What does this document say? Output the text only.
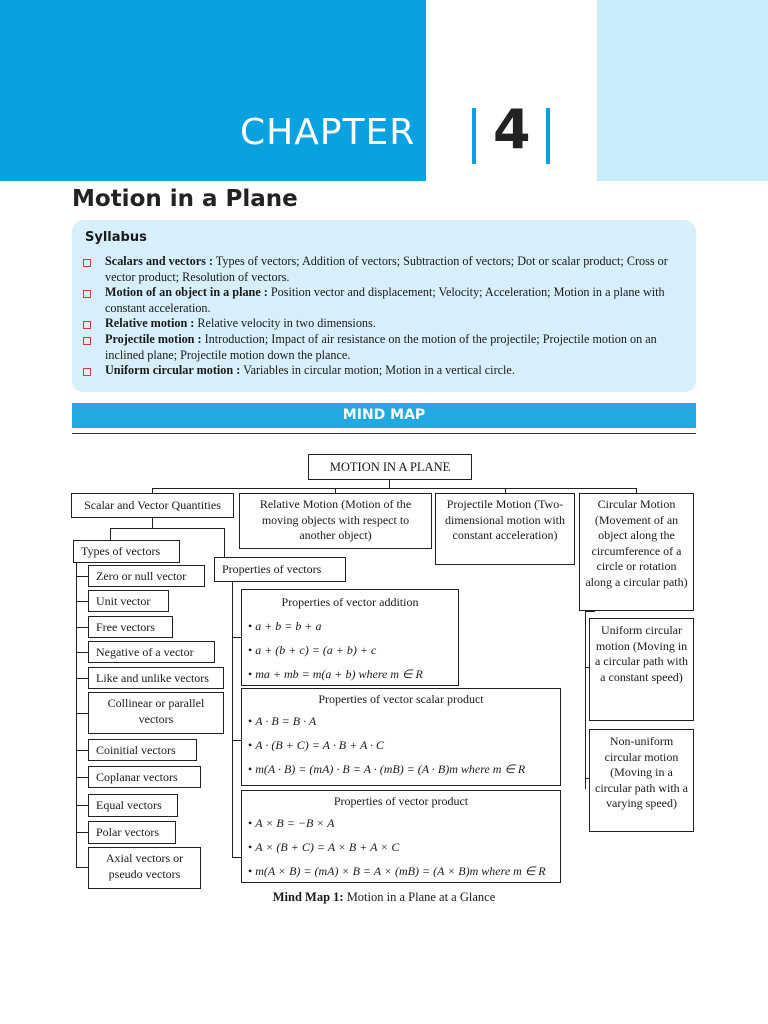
CHAPTER 4
Motion in a Plane
Syllabus
Scalars and vectors : Types of vectors; Addition of vectors; Subtraction of vectors; Dot or scalar product; Cross or vector product; Resolution of vectors.
Motion of an object in a plane : Position vector and displacement; Velocity; Acceleration; Motion in a plane with constant acceleration.
Relative motion : Relative velocity in two dimensions.
Projectile motion : Introduction; Impact of air resistance on the motion of the projectile; Projectile motion on an inclined plane; Projectile motion down the plance.
Uniform circular motion : Variables in circular motion; Motion in a vertical circle.
MIND MAP
MOTION IN A PLANE
Scalar and Vector Quantities	Relative Motion (Motion of the moving objects with respect to another object)
Projectile Motion (Two-dimensional motion with constant acceleration)
Circular Motion (Movement of an object along the circumference of a circle or rotation along a circular path)
Uniform circular motion (Moving in a circular path with a constant speed)
Non-uniform circular motion (Moving in a circular path with a varying speed)
Types of vectors
Properties of vectors
Zero or null vector
Unit vector
Free vectors
Negative of a vector
Like and unlike vectors
Collinear or parallel vectors
Coinitial vectors
Coplanar vectors
Equal vectors
Polar vectors
Axial vectors or pseudo vectors
Properties of vector addition
• a + b = b + a
• a + (b + c) = (a + b) + c
• ma + mb = m(a + b) where m ∈ R
Properties of vector scalar product
• A · B = B · A
• A · (B + C) = A · B + A · C
• m(A · B) = (mA) · B = A · (mB) = (A · B)m where m ∈ R
Properties of vector product
• A × B = −B × A
• A × (B + C) = A × B + A × C
• m(A × B) = (mA) × B = A × (mB) = (A × B)m where m ∈ R
Mind Map 1: Motion in a Plane at a Glance
